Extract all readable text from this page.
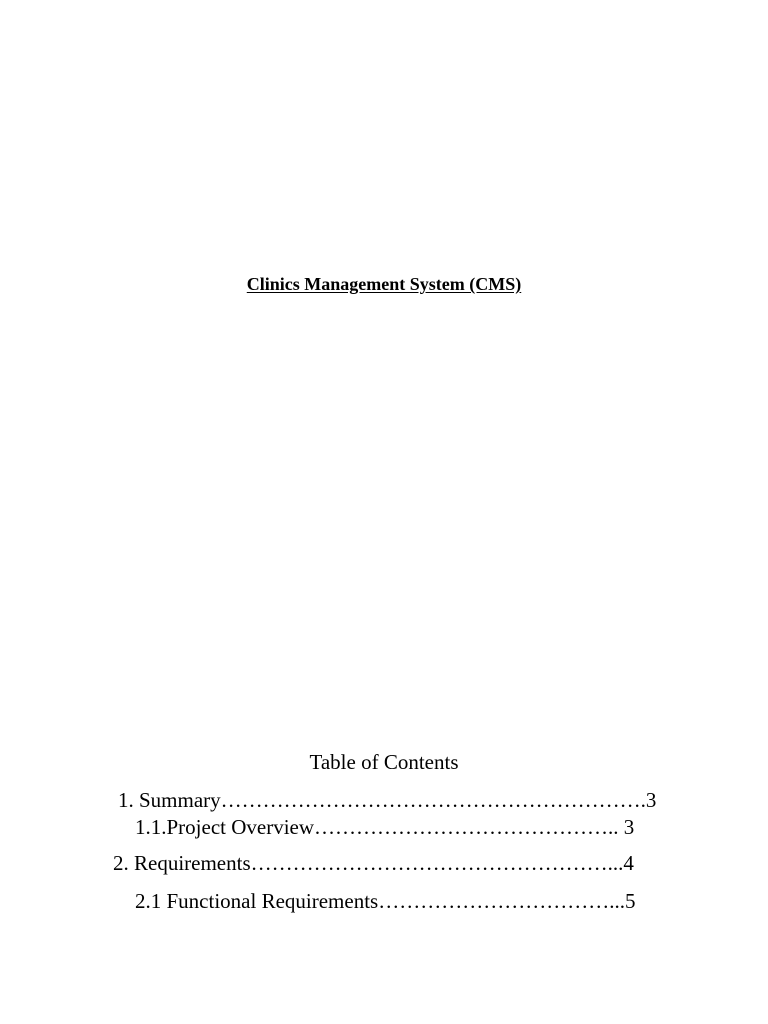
Clinics Management System (CMS)
Table of Contents
1. Summary…………………………………………………….3
1.1.Project Overview…………………………………….. 3
2. Requirements……………………………………………...4
2.1 Functional Requirements……………………………...5
